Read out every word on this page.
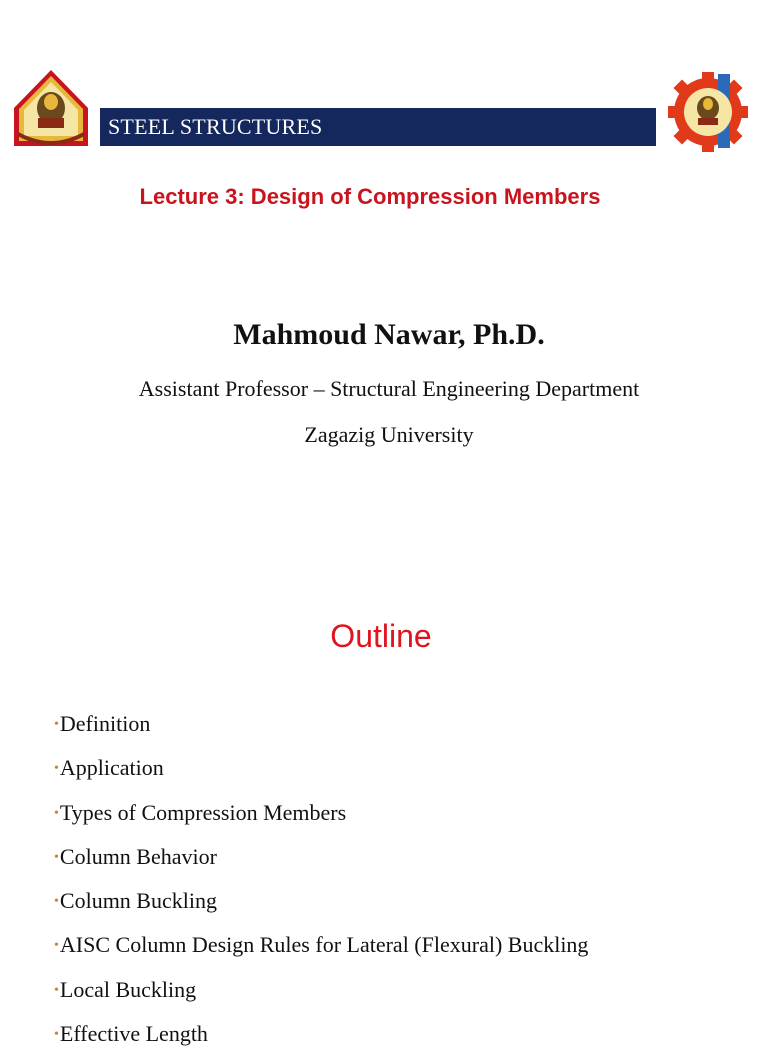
STEEL STRUCTURES
Lecture 3: Design of Compression Members
Mahmoud Nawar, Ph.D.
Assistant Professor – Structural Engineering Department
Zagazig University
Outline
•Definition
•Application
•Types of Compression Members
•Column Behavior
•Column Buckling
•AISC Column Design Rules for Lateral (Flexural) Buckling
•Local Buckling
•Effective Length
